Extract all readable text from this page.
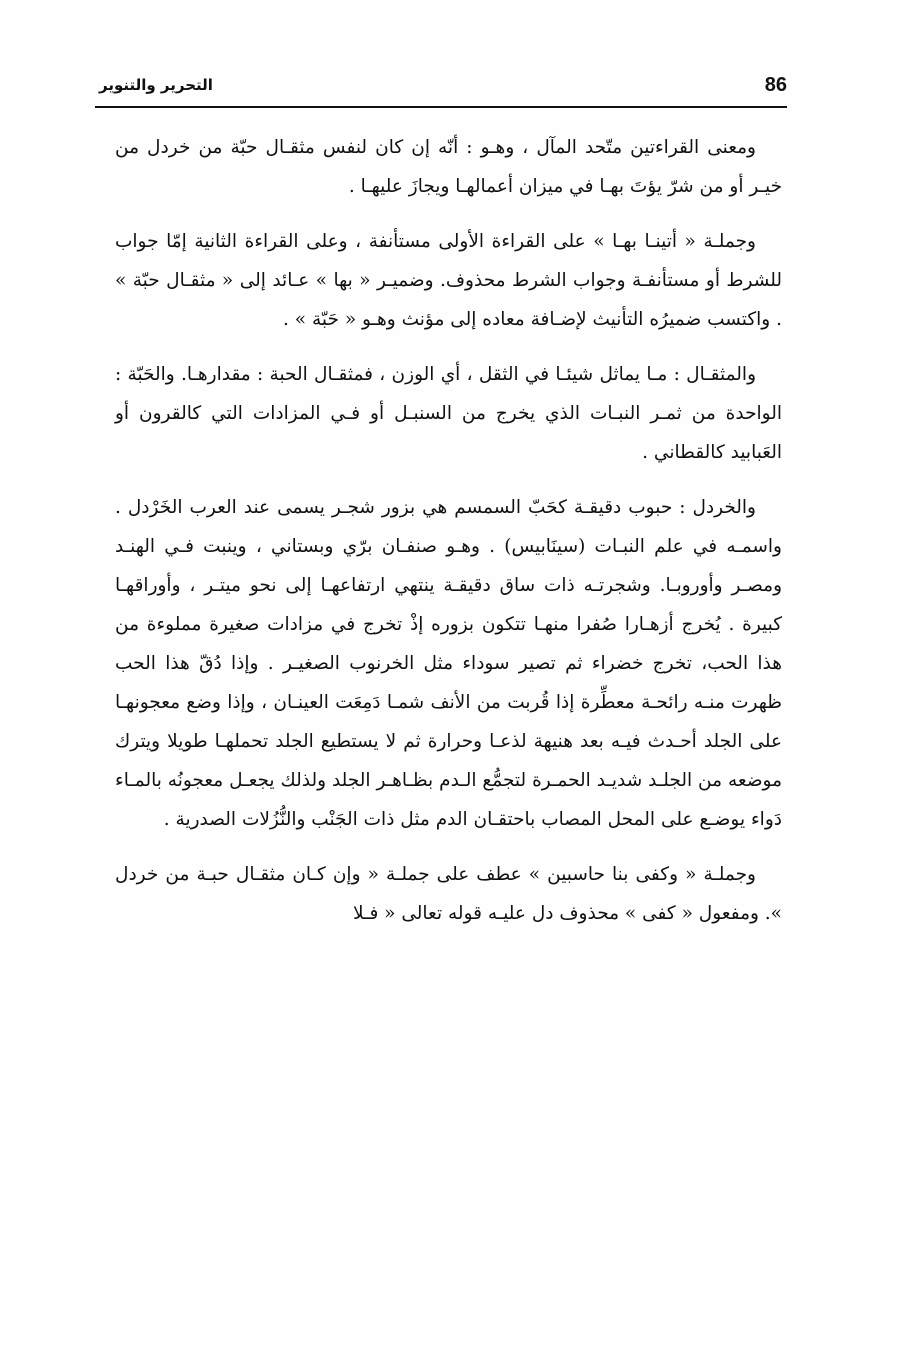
86
التحرير والتنوير

ومعنى القراءتين متّحد المآل ، وهـو : أنّه إن كان لنفس مثقـال حبّة من خردل من خيـر أو من شرّ يؤتَ بهـا في ميزان أعمالهـا ويجازَ عليهـا .

وجملـة « أتينـا بهـا » على القراءة الأولى مستأنفة ، وعلى القراءة الثانية إمّا جواب للشرط أو مستأنفـة وجواب الشرط محذوف. وضميـر « بها » عـائد إلى « مثقـال حبّة » . واكتسب ضميرُه التأنيث لإضـافة معاده إلى مؤنث وهـو « حَبّة » .

والمثقـال : مـا يماثل شيئـا في الثقل ، أي الوزن ، فمثقـال الحبة : مقدارهـا. والحَبّة : الواحدة من ثمـر النبـات الذي يخرج من السنبـل أو فـي المزادات التي كالقرون أو العَبابيد كالقطاني .

والخردل : حبوب دقيقـة كحَبّ السمسم هي بزور شجـر يسمى عند العرب الخَرْدل . واسمـه في علم النبـات (سينَابيس) . وهـو صنفـان برّي وبستاني ، وينبت فـي الهنـد ومصـر وأوروبـا. وشجرتـه ذات ساق دقيقـة ينتهي ارتفاعهـا إلى نحو ميتـر ، وأوراقهـا كبيرة . يُخرج أزهـارا صُفرا منهـا تتكون بزوره إذْ تخرج في مزادات صغيرة مملوءة من هذا الحب، تخرج خضراء ثم تصير سوداء مثل الخرنوب الصغيـر . وإذا دُقّ هذا الحب ظهرت منـه رائحـة معطِّرة إذا قُربت من الأنف شمـا دَمِعَت العينـان ، وإذا وضع معجونهـا على الجلد أحـدث فيـه بعد هنيهة لذعـا وحرارة ثم لا يستطيع الجلد تحملهـا طويلا ويترك موضعه من الجلـد شديـد الحمـرة لتجمُّع الـدم بظـاهـر الجلد ولذلك يجعـل معجونُه بالمـاء دَواء يوضـع على المحل المصاب باحتقـان الدم مثل ذات الجَنْب والنُّزُلات الصدرية .

وجملـة « وكفى بنا حاسبين » عطف على جملـة « وإن كـان مثقـال حبـة من خردل ». ومفعول « كفى » محذوف دل عليـه قوله تعالى « فـلا
